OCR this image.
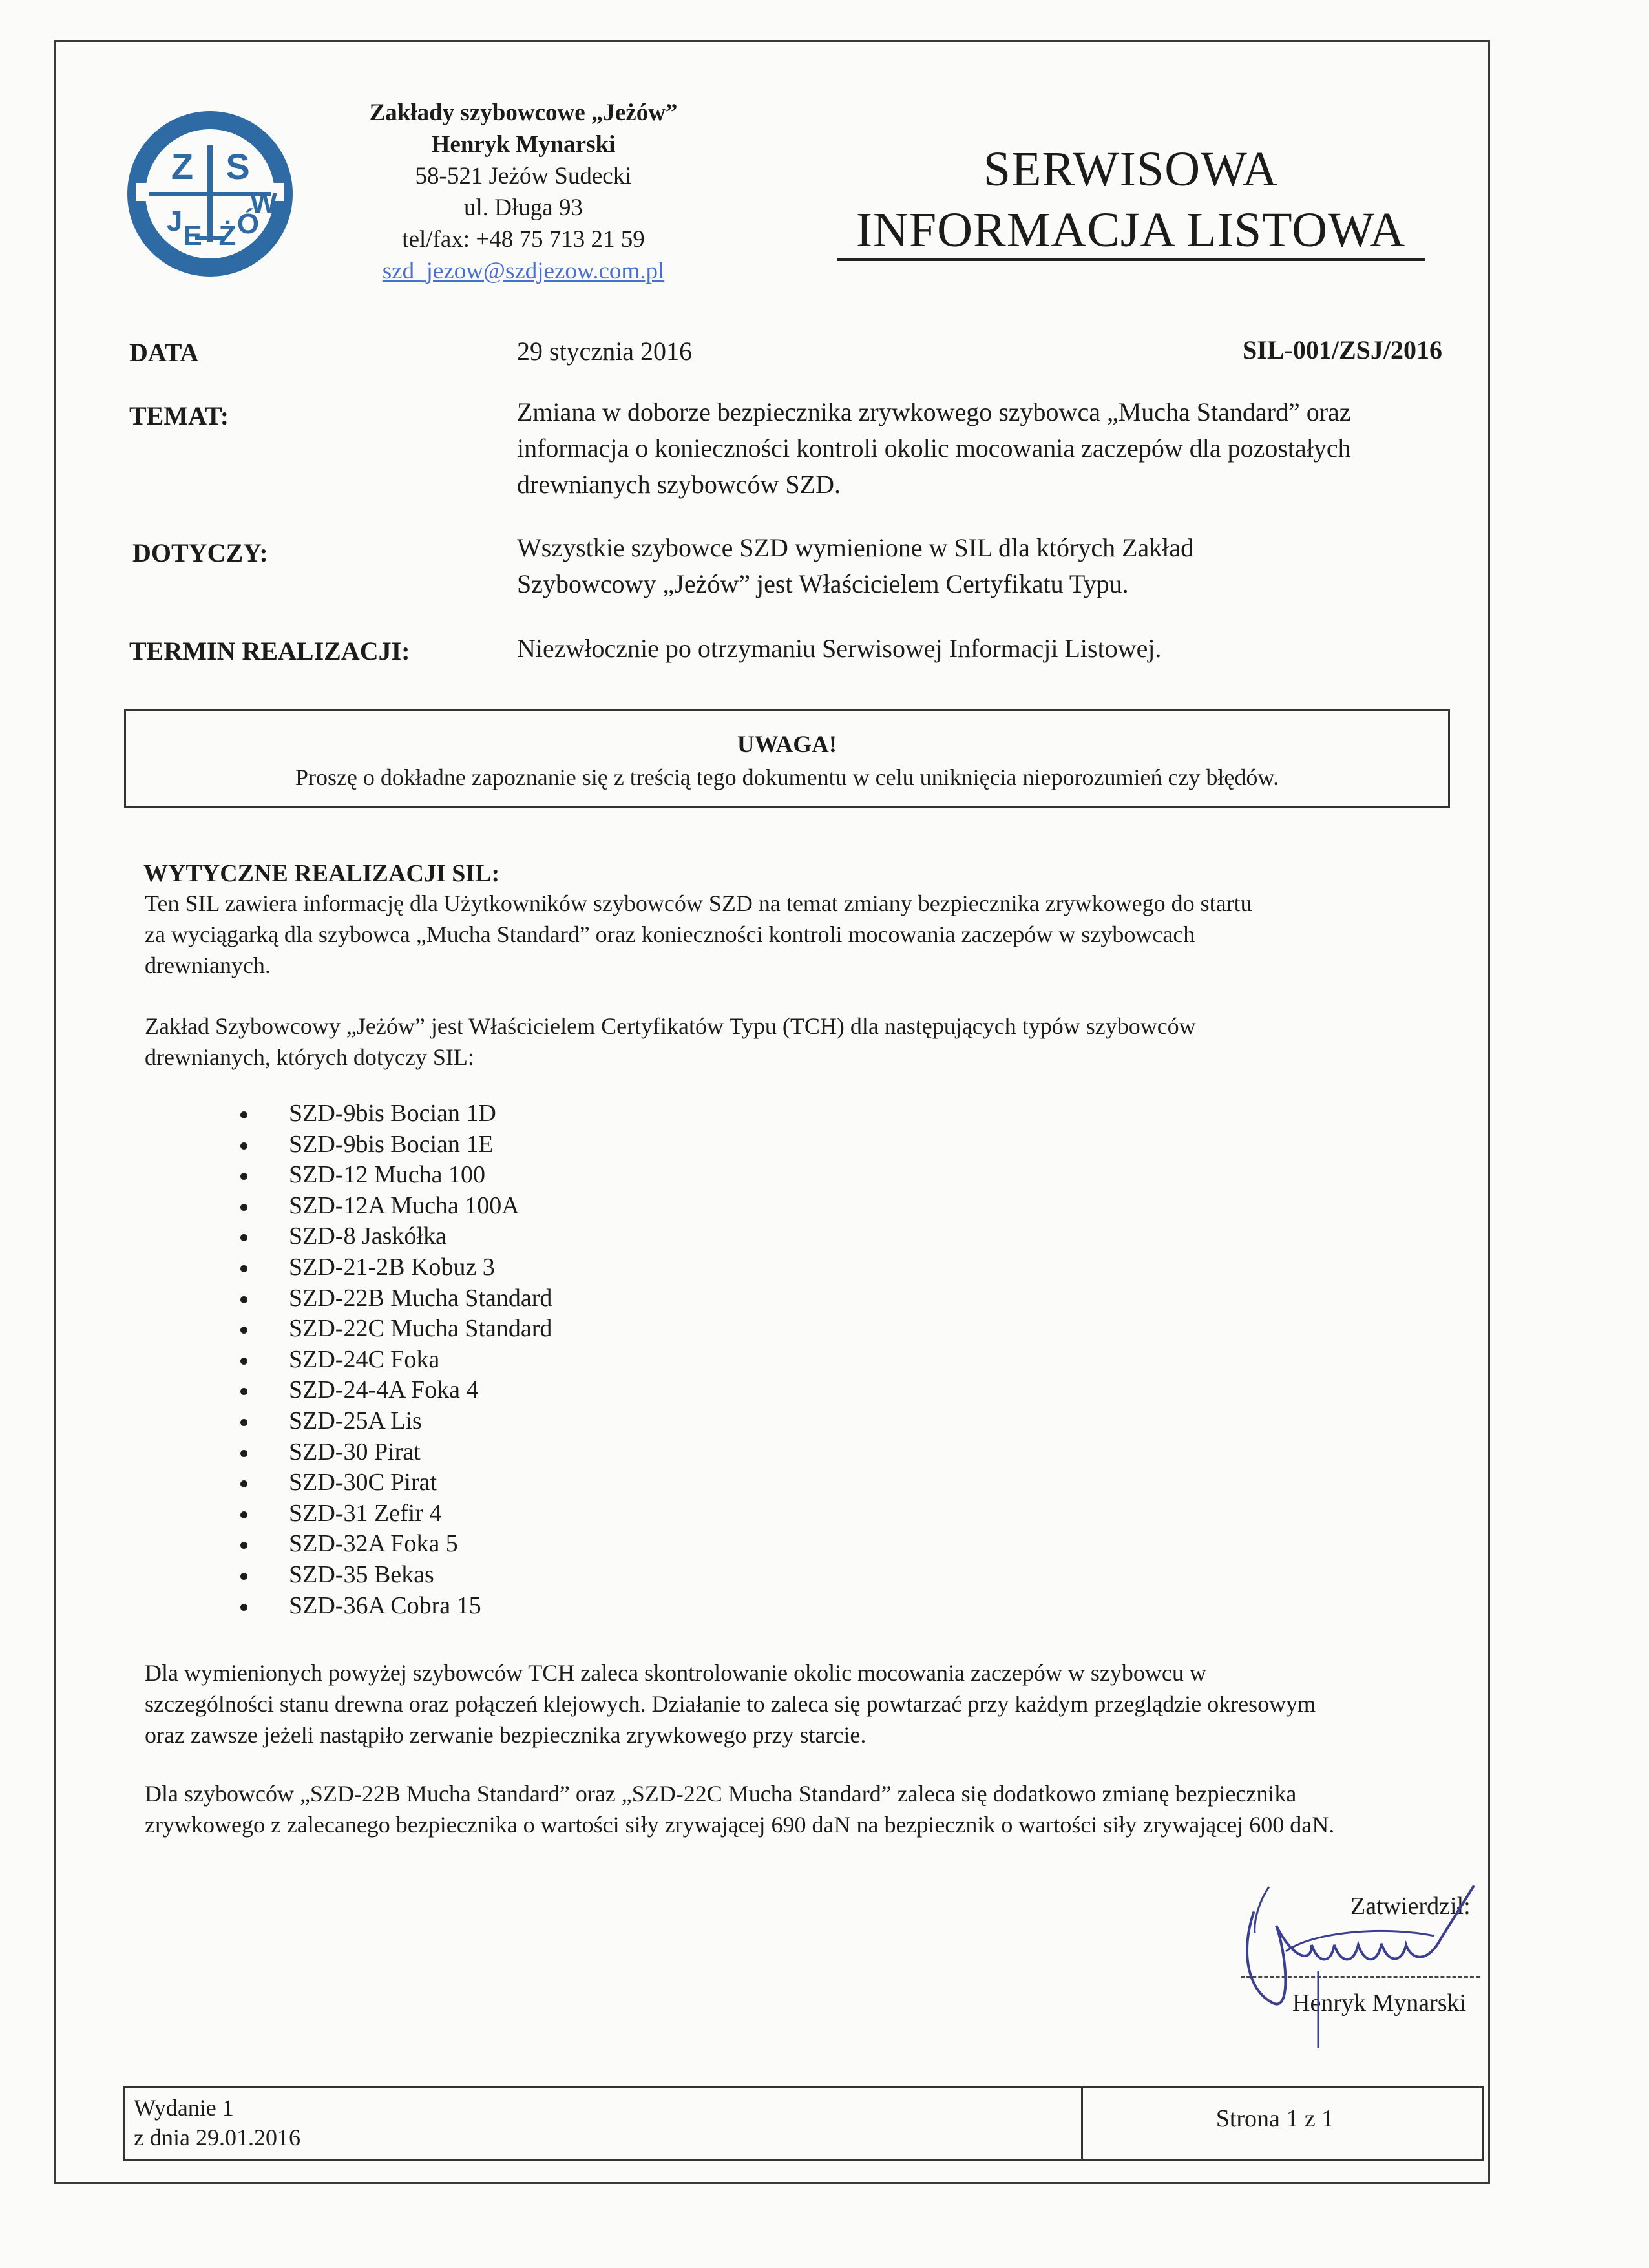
Z S
J E Ż Ó
W
Zakłady szybowcowe „Jeżów”
Henryk Mynarski
58-521 Jeżów Sudecki
ul. Długa 93
tel/fax: +48 75 713 21 59
szd_jezow@szdjezow.com.pl
SERWISOWA
INFORMACJA LISTOWA
DATA	29 stycznia 2016	SIL-001/ZSJ/2016
TEMAT:	Zmiana w doborze bezpiecznika zrywkowego szybowca „Mucha Standard” oraz
informacja o konieczności kontroli okolic mocowania zaczepów dla pozostałych
drewnianych szybowców SZD.
DOTYCZY:	Wszystkie szybowce SZD wymienione w SIL dla których Zakład
Szybowcowy „Jeżów” jest Właścicielem Certyfikatu Typu.
TERMIN REALIZACJI:	Niezwłocznie po otrzymaniu Serwisowej Informacji Listowej.
UWAGA!
Proszę o dokładne zapoznanie się z treścią tego dokumentu w celu uniknięcia nieporozumień czy błędów.
WYTYCZNE REALIZACJI SIL:
Ten SIL zawiera informację dla Użytkowników szybowców SZD na temat zmiany bezpiecznika zrywkowego do startu
za wyciągarką dla szybowca „Mucha Standard” oraz konieczności kontroli mocowania zaczepów w szybowcach
drewnianych.
Zakład Szybowcowy „Jeżów” jest Właścicielem Certyfikatów Typu (TCH) dla następujących typów szybowców
drewnianych, których dotyczy SIL:
SZD-9bis Bocian 1D
SZD-9bis Bocian 1E
SZD-12 Mucha 100
SZD-12A Mucha 100A
SZD-8 Jaskółka
SZD-21-2B Kobuz 3
SZD-22B Mucha Standard
SZD-22C Mucha Standard
SZD-24C Foka
SZD-24-4A Foka 4
SZD-25A Lis
SZD-30 Pirat
SZD-30C Pirat
SZD-31 Zefir 4
SZD-32A Foka 5
SZD-35 Bekas
SZD-36A Cobra 15
Dla wymienionych powyżej szybowców TCH zaleca skontrolowanie okolic mocowania zaczepów w szybowcu w
szczególności stanu drewna oraz połączeń klejowych. Działanie to zaleca się powtarzać przy każdym przeglądzie okresowym
oraz zawsze jeżeli nastąpiło zerwanie bezpiecznika zrywkowego przy starcie.
Dla szybowców „SZD-22B Mucha Standard” oraz „SZD-22C Mucha Standard” zaleca się dodatkowo zmianę bezpiecznika
zrywkowego z zalecanego bezpiecznika o wartości siły zrywającej 690 daN na bezpiecznik o wartości siły zrywającej 600 daN.
Zatwierdził:
Henryk Mynarski
Wydanie 1
z dnia 29.01.2016
Strona 1 z 1
